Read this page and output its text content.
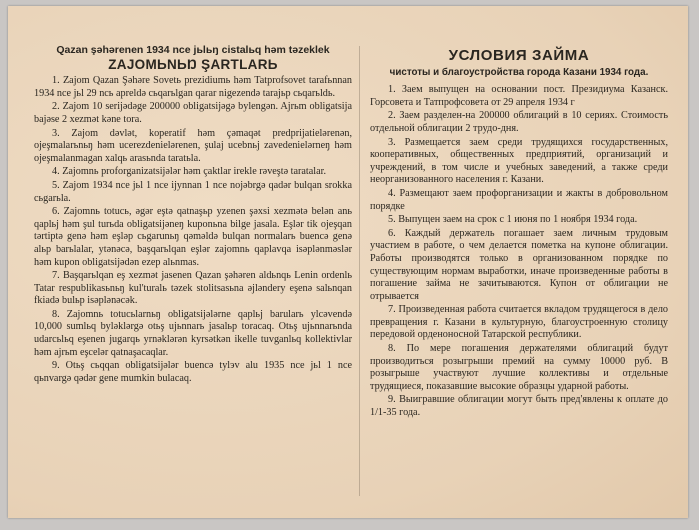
Qazan şəhərenen 1934 nce jьlьŋ cistalьq həm təzeklek
ZAJOMЬNЬŊ ŞARTLARЬ

1. Zajom Qazan Şəhəre Sovetь prezidiumь həm Tatprofsovet tarafьnnan 1934 nce jьl 29 ncь apreldə cьqarьlgan qarar nigezendə tarajьp cьqarьldь.

2. Zajom 10 serijədəge 200000 obligatsijəgə bylengən. Ajrьm obligatsija bajəse 2 xezmət kəne tora.

3. Zajom dəvlət, koperatif həm çəmaqət predprijatielərenən, ojeşmalarьnьŋ həm ucerezdenielərenen, şulaj ucebnьj zavedenielərneŋ həm ojeşmalanmagan xalqь arasьnda taratьla.

4. Zajomnь proforganizatsijələr həm çaktlar irekle rəveştə taratalar.

5. Zajom 1934 nce jьl 1 nce ijynnan 1 nce nojəbrgə qadər bulqan srokka cьgarьla.

6. Zajomnь totucь, əgər eştə qatnaşьp yzenen şəxsi xezmətə belən anь qaplьj həm şul turьda obligatsijəneŋ kuponьna bilge jasala. Eşlər tik ojeşqan tərtiptə genə həm eşləp cьgarunьŋ qəməldə bulqan normalarь buencə genə alьp barьlalar, ytənəcə, başqarьlqan eşlər zajomnь qaplavqa isəplənməslər həm kupon obligatsijədən ezep alьnmas.

7. Başqarьlqan eş xezmət jasenen Qazan şəhəren aldьnqь Lenin ordenlь Tatar respublikasьnьŋ kul'turalь təzek stolitsasьna əjləndery eşenə salьnqan fkiadə bulьp isəplənəcək.

8. Zajomnь totucьlarnьŋ obligatsijələrne qaplьj barularь ylcəvendə 10,000 sumlьq byləklərgə otьş ujьnnarь jasalьp toracaq. Otьş ujьnnarьnda udarcьlьq eşenen jugarqь yrnəklərən kyrsətkən ikelle tuvganlьq kollektivlar həm ajrьm eşcelər qatnaşacaqlar.

9. Otьş cьqqan obligatsijələr buencə tylэv alu 1935 nce jьl 1 nce qьnvargə qədər gene mumkin bulacaq.

УСЛОВИЯ ЗАЙМА
чистоты и благоустройства города Казани 1934 года.

1. Заем выпущен на основании пост. Президиума Казанск. Горсовета и Татпрофсовета от 29 апреля 1934 г

2. Заем разделен-на 200000 облигаций в 10 сериях. Стоимость отдельной облигации 2 трудо-дня.

3. Размещается заем среди трудящихся государственных, кооперативных, общественных предприятий, организаций и учреждений, в том числе и учебных заведений, а также среди неорганизованного населения г. Казани.

4. Размещают заем профорганизации и жакты в добровольном порядке

5. Выпущен заем на срок с 1 июня по 1 ноября 1934 года.

6. Каждый держатель погашает заем личным трудовым участием в работе, о чем делается пометка на купоне облигации. Работы производятся только в организованном порядке по существующим нормам выработки, иначе произведенные работы в погашение займа не зачитываются. Купон от облигации не отрывается

7. Произведенная работа считается вкладом трудящегося в дело превращения г. Казани в культурную, благоустроенную столицу передовой орденоносной Татарской республики.

8. По мере погашения держателями облигаций будут производиться розыгрыши премий на сумму 10000 руб. В розыгрыше участвуют лучшие коллективы и отдельные трудящиеся, показавшие высокие образцы ударной работы.

9. Выигравшие облигации могут быть пред'явлены к оплате до 1/1-35 года.
